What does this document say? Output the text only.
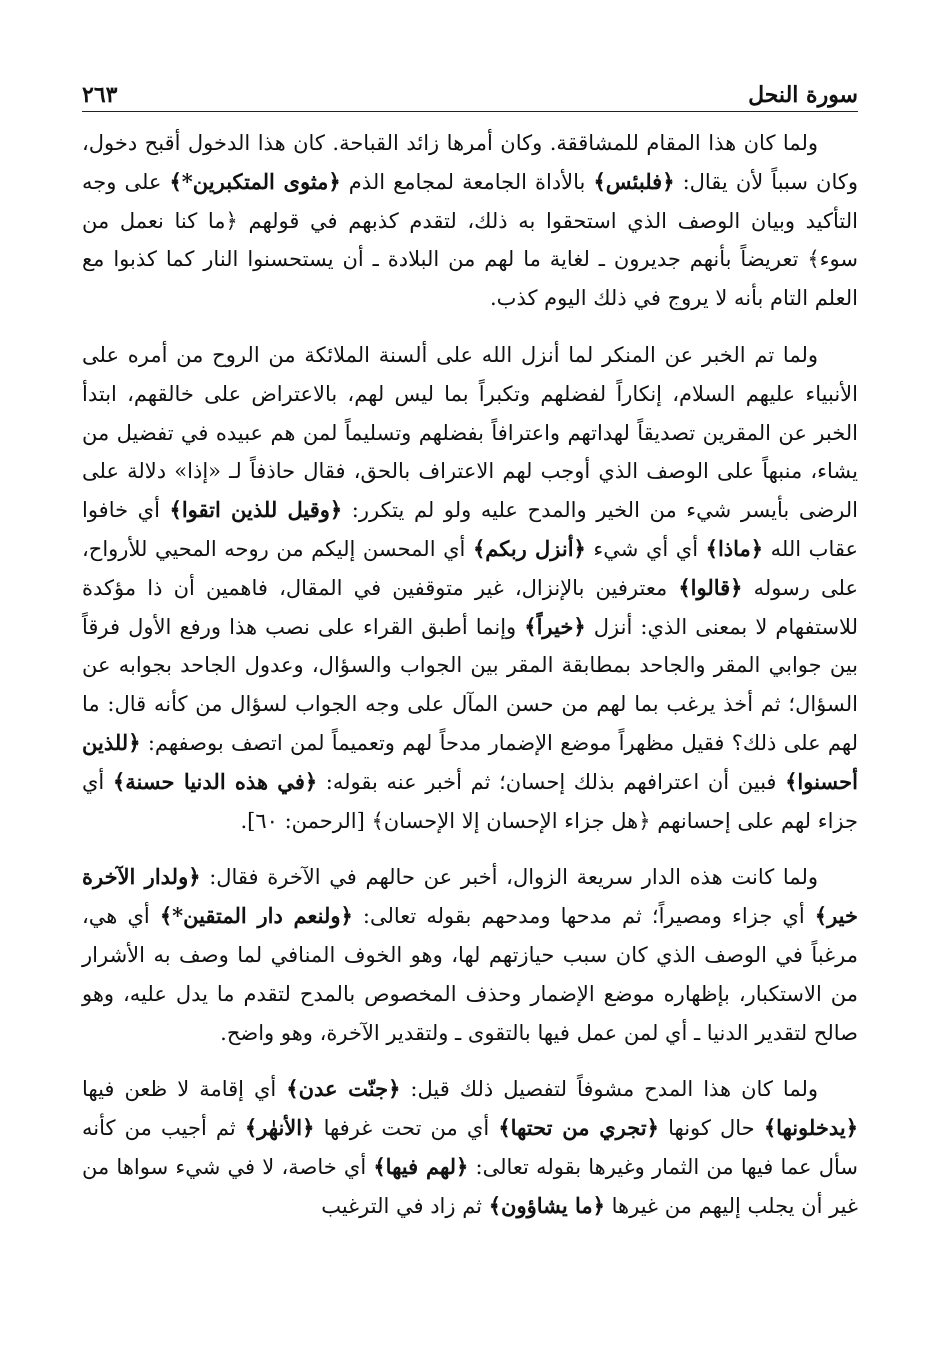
سورة النحل
٢٦٣

ولما كان هذا المقام للمشاققة. وكان أمرها زائد القباحة. كان هذا الدخول أقبح دخول، وكان سبباً لأن يقال: ﴿فلبئس﴾ بالأداة الجامعة لمجامع الذم ﴿مثوى المتكبرين*﴾ على وجه التأكيد وبيان الوصف الذي استحقوا به ذلك، لتقدم كذبهم في قولهم ﴿ما كنا نعمل من سوء﴾ تعريضاً بأنهم جديرون ـ لغاية ما لهم من البلادة ـ أن يستحسنوا النار كما كذبوا مع العلم التام بأنه لا يروج في ذلك اليوم كذب.

ولما تم الخبر عن المنكر لما أنزل الله على ألسنة الملائكة من الروح من أمره على الأنبياء عليهم السلام، إنكاراً لفضلهم وتكبراً بما ليس لهم، بالاعتراض على خالقهم، ابتدأ الخبر عن المقرين تصديقاً لهداتهم واعترافاً بفضلهم وتسليماً لمن هم عبيده في تفضيل من يشاء، منبهاً على الوصف الذي أوجب لهم الاعتراف بالحق، فقال حاذفاً لـ «إذا» دلالة على الرضى بأيسر شيء من الخير والمدح عليه ولو لم يتكرر: ﴿وقيل للذين اتقوا﴾ أي خافوا عقاب الله ﴿ماذا﴾ أي أي شيء ﴿أنزل ربكم﴾ أي المحسن إليكم من روحه المحيي للأرواح، على رسوله ﴿قالوا﴾ معترفين بالإنزال، غير متوقفين في المقال، فاهمين أن ذا مؤكدة للاستفهام لا بمعنى الذي: أنزل ﴿خيراً﴾ وإنما أطبق القراء على نصب هذا ورفع الأول فرقاً بين جوابي المقر والجاحد بمطابقة المقر بين الجواب والسؤال، وعدول الجاحد بجوابه عن السؤال؛ ثم أخذ يرغب بما لهم من حسن المآل على وجه الجواب لسؤال من كأنه قال: ما لهم على ذلك؟ فقيل مظهراً موضع الإضمار مدحاً لهم وتعميماً لمن اتصف بوصفهم: ﴿للذين أحسنوا﴾ فبين أن اعترافهم بذلك إحسان؛ ثم أخبر عنه بقوله: ﴿في هذه الدنيا حسنة﴾ أي جزاء لهم على إحسانهم ﴿هل جزاء الإحسان إلا الإحسان﴾ [الرحمن: ٦٠].

ولما كانت هذه الدار سريعة الزوال، أخبر عن حالهم في الآخرة فقال: ﴿ولدار الآخرة خير﴾ أي جزاء ومصيراً؛ ثم مدحها ومدحهم بقوله تعالى: ﴿ولنعم دار المتقين*﴾ أي هي، مرغباً في الوصف الذي كان سبب حيازتهم لها، وهو الخوف المنافي لما وصف به الأشرار من الاستكبار، بإظهاره موضع الإضمار وحذف المخصوص بالمدح لتقدم ما يدل عليه، وهو صالح لتقدير الدنيا ـ أي لمن عمل فيها بالتقوى ـ ولتقدير الآخرة، وهو واضح.

ولما كان هذا المدح مشوفاً لتفصيل ذلك قيل: ﴿جنّت عدن﴾ أي إقامة لا ظعن فيها ﴿يدخلونها﴾ حال كونها ﴿تجري من تحتها﴾ أي من تحت غرفها ﴿الأنهٰر﴾ ثم أجيب من كأنه سأل عما فيها من الثمار وغيرها بقوله تعالى: ﴿لهم فيها﴾ أي خاصة، لا في شيء سواها من غير أن يجلب إليهم من غيرها ﴿ما يشاؤون﴾ ثم زاد في الترغيب
